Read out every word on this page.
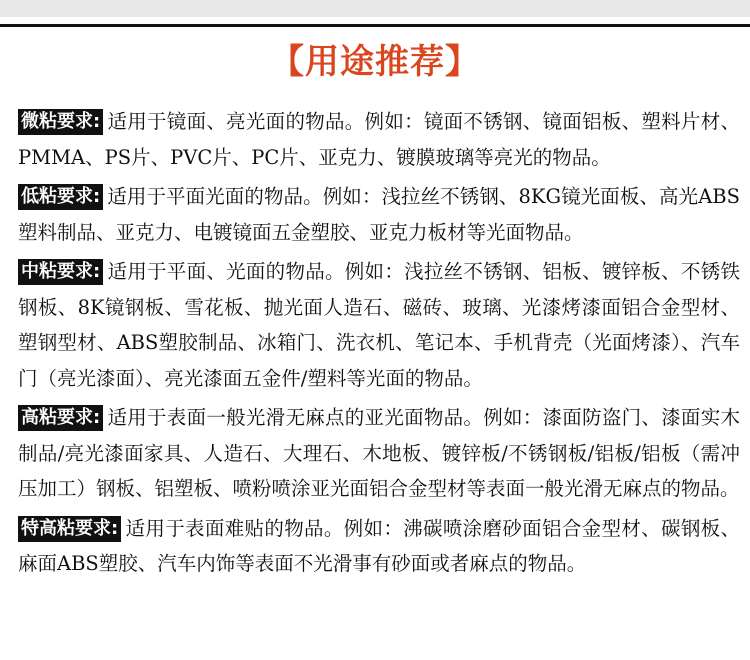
【用途推荐】

微粘要求: 适用于镜面、亮光面的物品。例如：镜面不锈钢、镜面铝板、塑料片材、PMMA、PS片、PVC片、PC片、亚克力、镀膜玻璃等亮光的物品。

低粘要求: 适用于平面光面的物品。例如：浅拉丝不锈钢、8KG镜光面板、高光ABS塑料制品、亚克力、电镀镜面五金塑胶、亚克力板材等光面物品。

中粘要求: 适用于平面、光面的物品。例如：浅拉丝不锈钢、铝板、镀锌板、不锈铁钢板、8K镜钢板、雪花板、抛光面人造石、磁砖、玻璃、光漆烤漆面铝合金型材、塑钢型材、ABS塑胶制品、冰箱门、洗衣机、笔记本、手机背壳（光面烤漆）、汽车门（亮光漆面）、亮光漆面五金件/塑料等光面的物品。

高粘要求: 适用于表面一般光滑无麻点的亚光面物品。例如：漆面防盗门、漆面实木制品/亮光漆面家具、人造石、大理石、木地板、镀锌板/不锈钢板/铝板/铝板（需冲压加工）钢板、铝塑板、喷粉喷涂亚光面铝合金型材等表面一般光滑无麻点的物品。

特高粘要求: 适用于表面难贴的物品。例如：沸碳喷涂磨砂面铝合金型材、碳钢板、麻面ABS塑胶、汽车内饰等表面不光滑事有砂面或者麻点的物品。
